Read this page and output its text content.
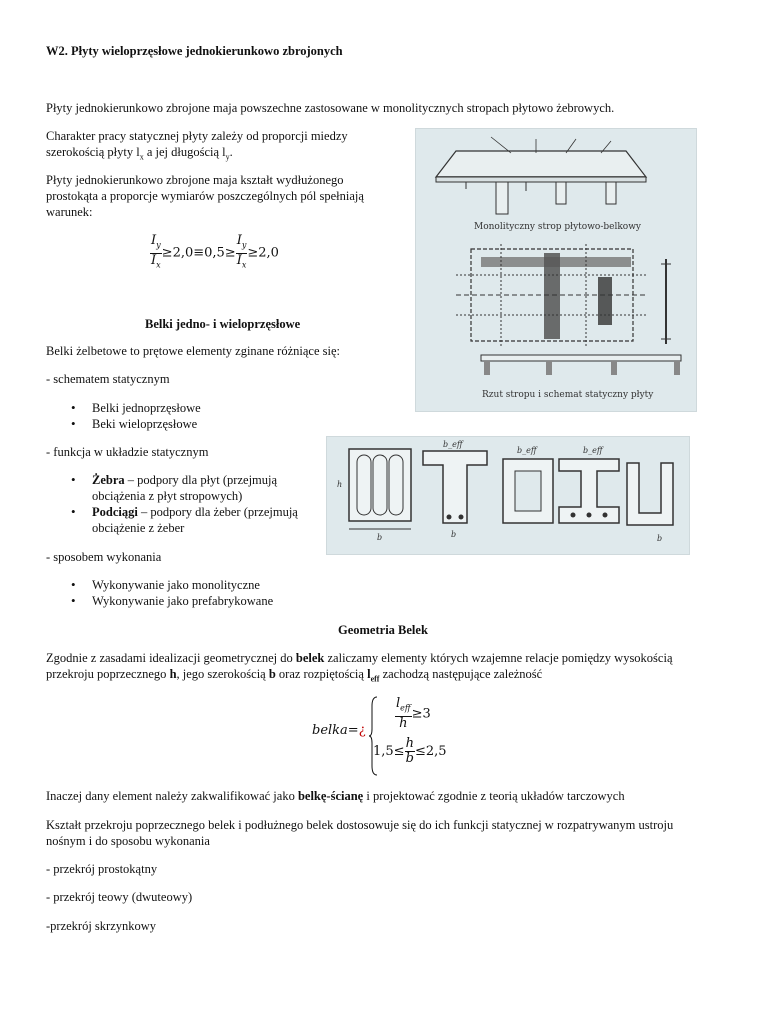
W2. Płyty wieloprzęsłowe jednokierunkowo zbrojonych

Płyty jednokierunkowo zbrojone maja powszechne zastosowane w monolitycznych stropach płytowo żebrowych.

Charakter pracy statycznej płyty zależy od proporcji miedzy

szerokością płyty $l_x$ a jej długością $l_y$.

Płyty jednokierunkowo zbrojone maja kształt wydłużonego

prostokąta a proporcje wymiarów poszczególnych pól spełniają

warunek:

$\frac{I_y}{I_x} \ge 2,0\equiv 0,5\ge \frac{I_y}{I_x} \ge 2,0$

Belki jedno- i wieloprzęsłowe

Belki żelbetowe to prętowe elementy zginane różniące się:

- schematem statycznym

• Belki jednoprzęsłowe
• Beki wieloprzęsłowe

- funkcja w układzie statycznym

• Żebra – podpory dla płyt (przejmują
obciążenia z płyt stropowych)
• Podciągi – podpory dla żeber (przejmują
obciążenie z żeber

- sposobem wykonania

• Wykonywanie jako monolityczne
• Wykonywanie jako prefabrykowane

Geometria Belek

Zgodnie z zasadami idealizacji geometrycznej do belek zaliczamy elementy których wzajemne relacje pomiędzy wysokością

przekroju poprzecznego h, jego szerokością b oraz rozpiętością $l_{eff}$ zachodzą następujące zależność

belka=¿ $\frac{l_{eff}}{h} \ge 3$
$1,5\le \frac{h}{b} \le 2,5$

Inaczej dany element należy zakwalifikować jako belkę-ścianę i projektować zgodnie z teorią układów tarczowych

Kształt przekroju poprzecznego belek i podłużnego belek dostosowuje się do ich funkcji statycznej w rozpatrywanym ustroju

nośnym i do sposobu wykonania

- przekrój prostokątny

- przekrój teowy (dwuteowy)

-przekrój skrzynkowy

Monolityczny strop płytowo-belkowy
Rzut stropu i schemat statyczny płyty
b
b_eff
b
b_eff	b_eff
b
h
